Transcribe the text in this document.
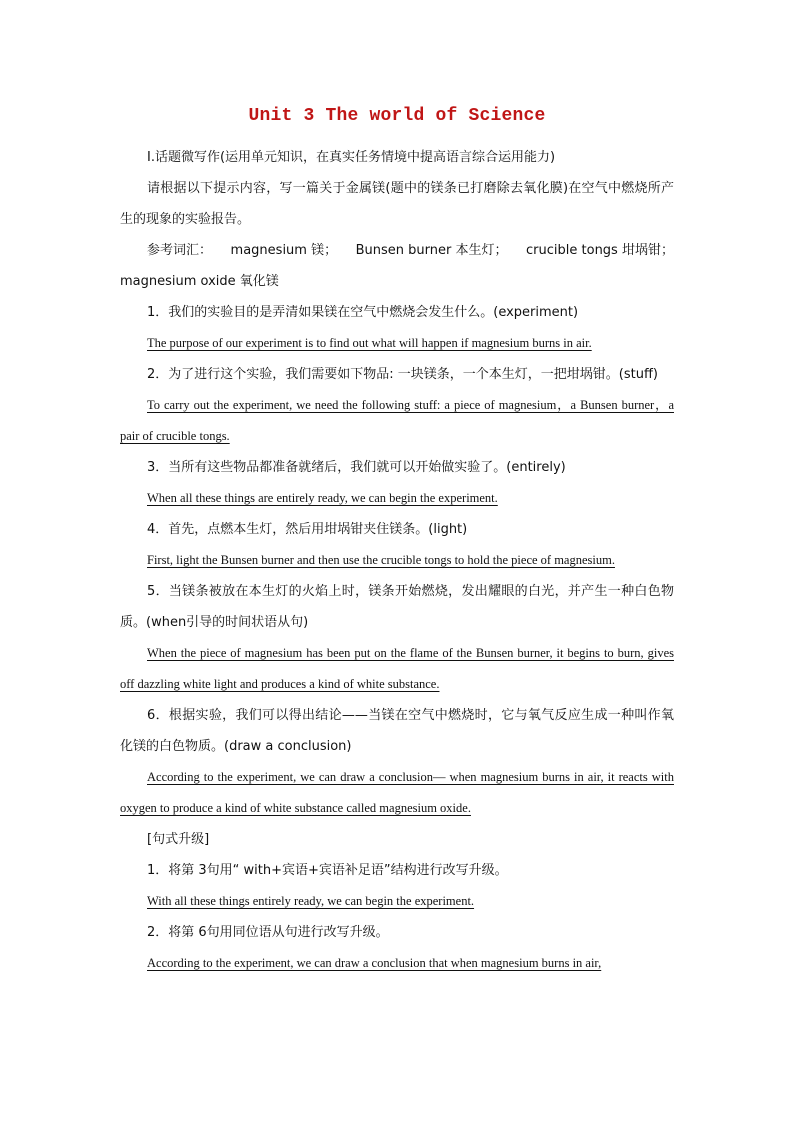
Unit 3 The world of Science

Ⅰ.话题微写作(运用单元知识，在真实任务情境中提高语言综合运用能力)

请根据以下提示内容，写一篇关于金属镁(题中的镁条已打磨除去氧化膜)在空气中燃烧所产生的现象的实验报告。

参考词汇： magnesium 镁； Bunsen burner 本生灯； crucible tongs 坩埚钳；

magnesium oxide 氧化镁

1．我们的实验目的是弄清如果镁在空气中燃烧会发生什么。(experiment)

The purpose of our experiment is to find out what will happen if magnesium burns in air.

2．为了进行这个实验，我们需要如下物品: 一块镁条，一个本生灯，一把坩埚钳。(stuff)

To carry out the experiment, we need the following stuff: a piece of magnesium，a Bunsen burner，a pair of crucible tongs.

3．当所有这些物品都准备就绪后，我们就可以开始做实验了。(entirely)

When all these things are entirely ready, we can begin the experiment.

4．首先，点燃本生灯，然后用坩埚钳夹住镁条。(light)

First, light the Bunsen burner and then use the crucible tongs to hold the piece of magnesium.

5．当镁条被放在本生灯的火焰上时，镁条开始燃烧，发出耀眼的白光，并产生一种白色物质。(when引导的时间状语从句)

When the piece of magnesium has been put on the flame of the Bunsen burner, it begins to burn, gives off dazzling white light and produces a kind of white substance.

6．根据实验，我们可以得出结论——当镁在空气中燃烧时，它与氧气反应生成一种叫作氧化镁的白色物质。(draw a conclusion)

According to the experiment, we can draw a conclusion— when magnesium burns in air, it reacts with oxygen to produce a kind of white substance called magnesium oxide.

[句式升级]

1．将第 3句用“ with+宾语+宾语补足语”结构进行改写升级。

With all these things entirely ready, we can begin the experiment.

2．将第 6句用同位语从句进行改写升级。

According to the experiment, we can draw a conclusion that when magnesium burns in air,
